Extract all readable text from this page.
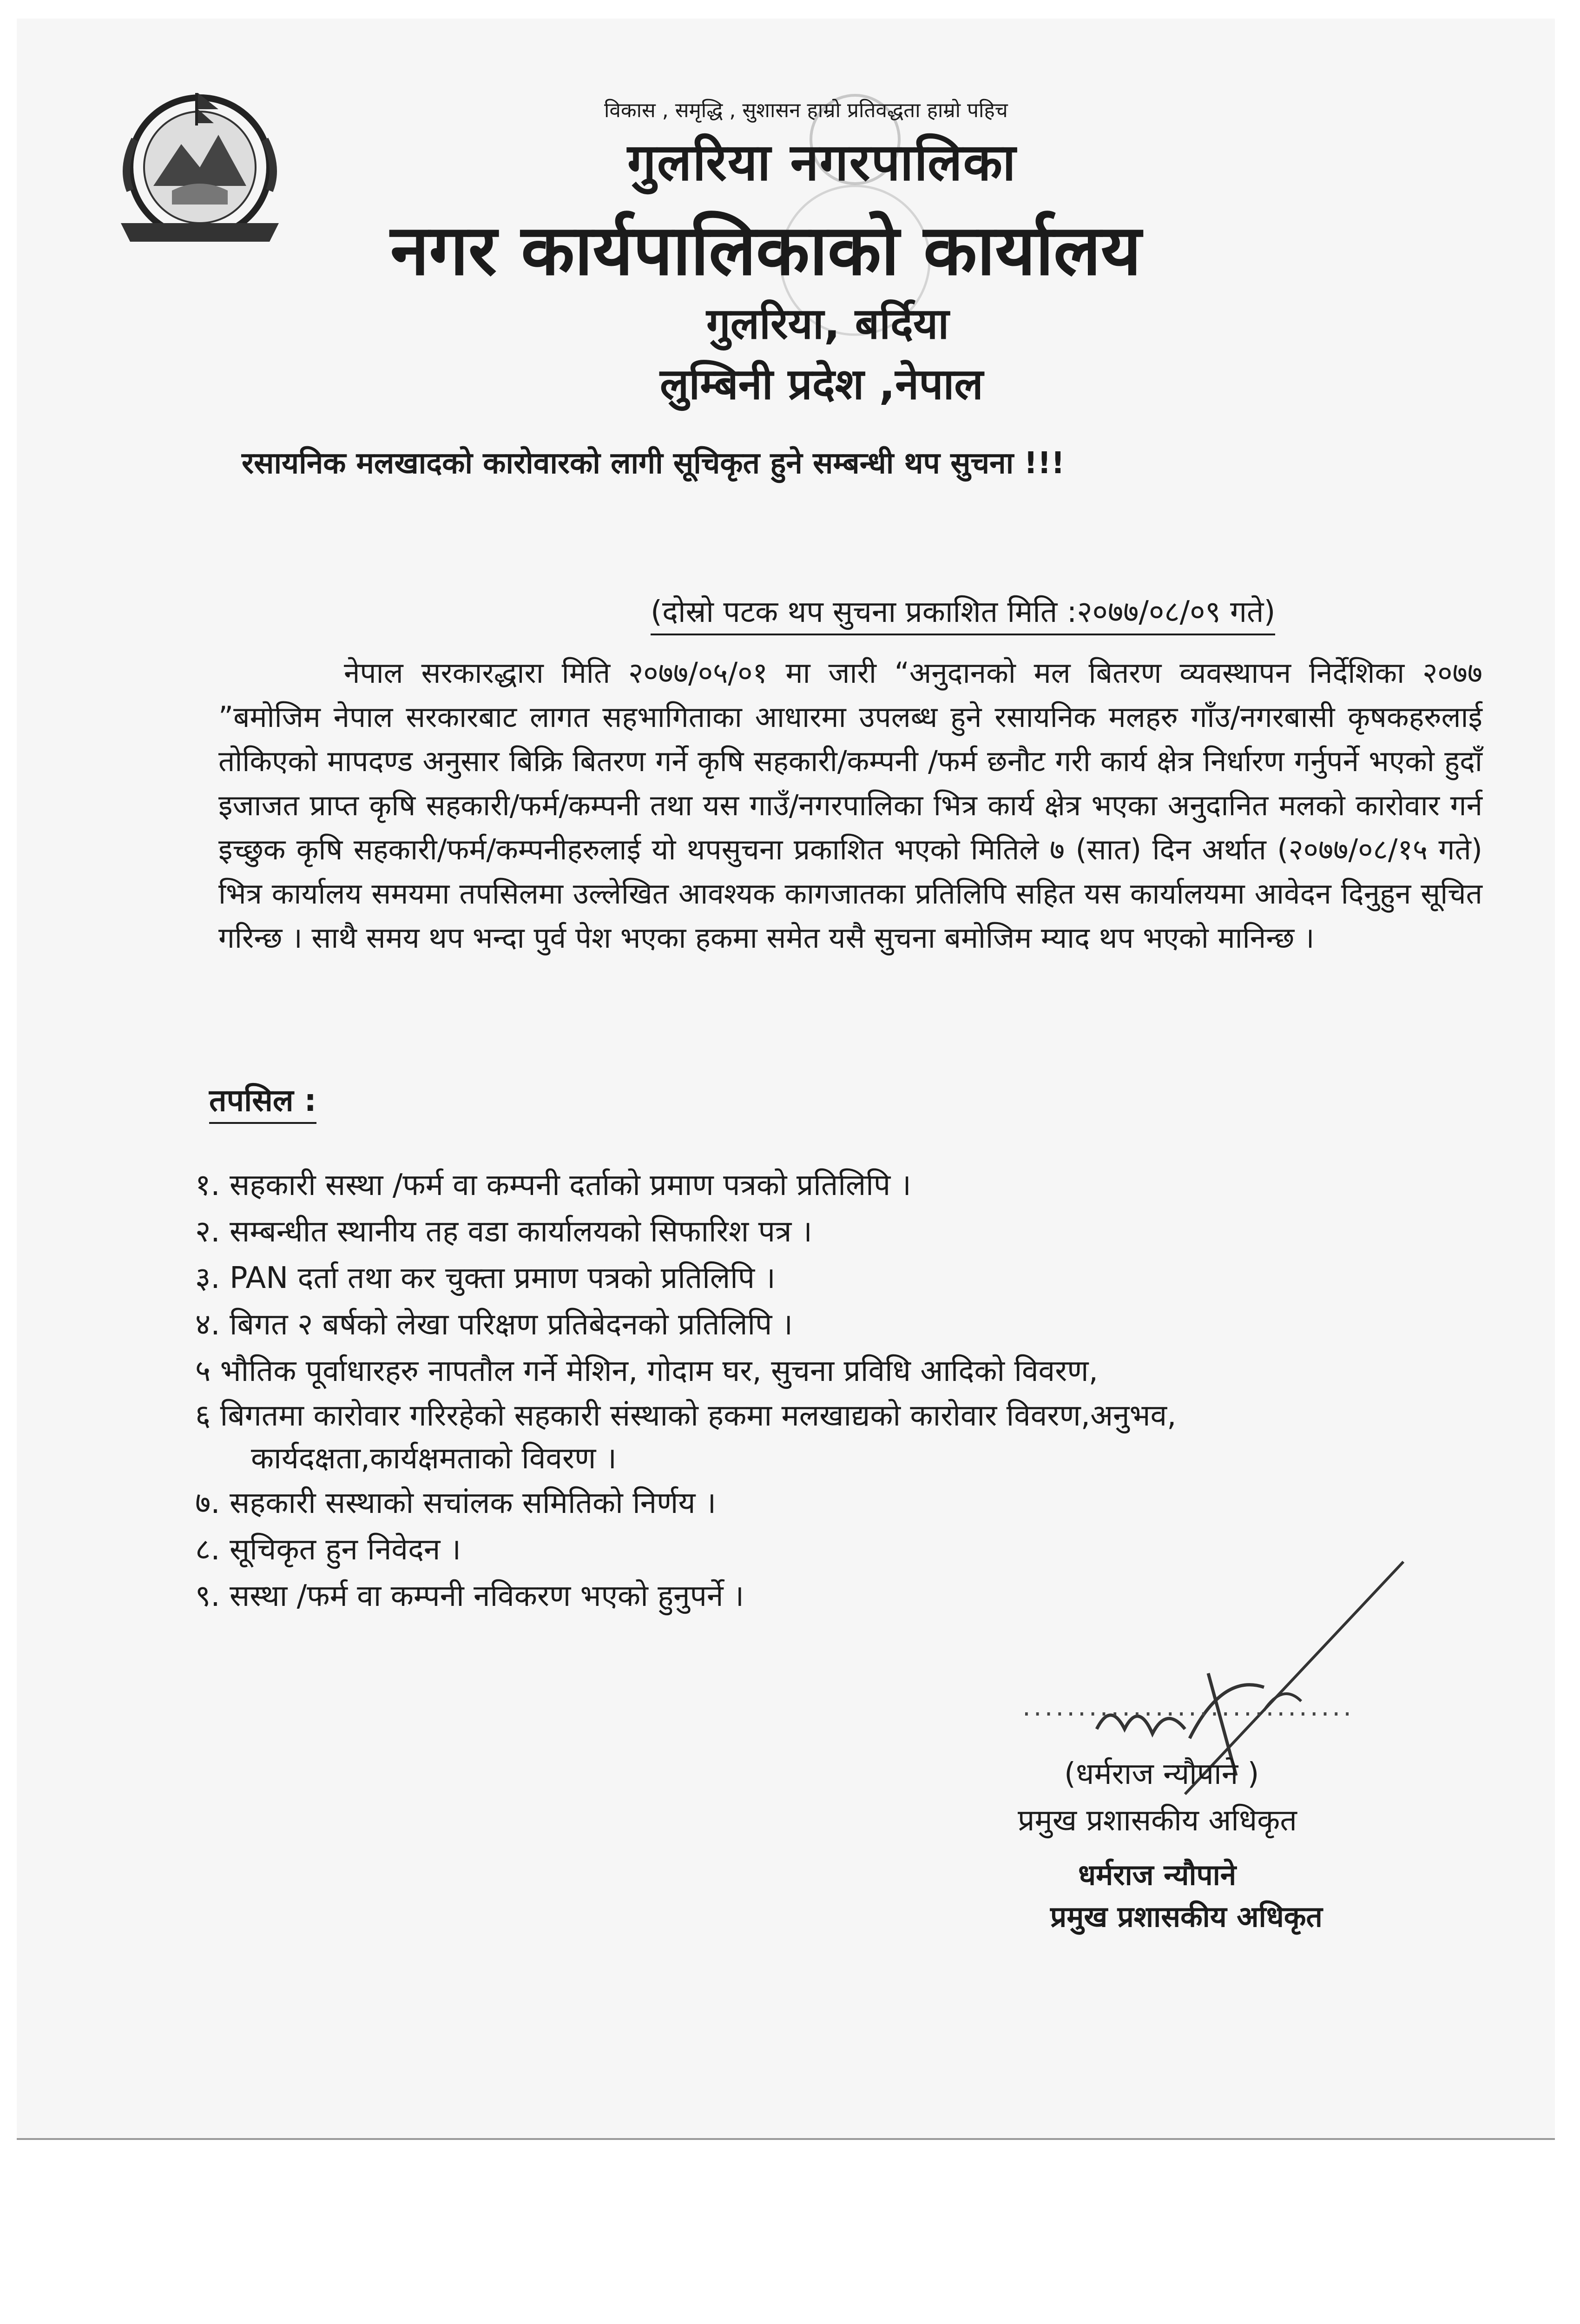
विकास , समृद्धि , सुशासन हाम्रो प्रतिवद्धता हाम्रो पहिच
गुलरिया नगरपालिका
नगर कार्यपालिकाको कार्यालय
गुलरिया, बर्दिया
लुम्बिनी प्रदेश ,नेपाल
रसायनिक मलखादको कारोवारको लागी सूचिकृत हुने सम्बन्धी थप सुचना !!!
(दोस्रो पटक थप सुचना प्रकाशित मिति :२०७७/०८/०९ गते)
नेपाल सरकारद्धारा मिति २०७७/०५/०१ मा जारी “अनुदानको मल बितरण व्यवस्थापन निर्देशिका २०७७ ”बमोजिम नेपाल सरकारबाट लागत सहभागिताका आधारमा उपलब्ध हुने रसायनिक मलहरु गाँउ/नगरबासी कृषकहरुलाई तोकिएको मापदण्ड अनुसार बिक्रि बितरण गर्ने कृषि सहकारी/कम्पनी /फर्म छनौट गरी कार्य क्षेत्र निर्धारण गर्नुपर्ने भएको हुदाँ इजाजत प्राप्त कृषि सहकारी/फर्म/कम्पनी तथा यस गाउँ/नगरपालिका भित्र कार्य क्षेत्र भएका अनुदानित मलको कारोवार गर्न इच्छुक कृषि सहकारी/फर्म/कम्पनीहरुलाई यो थपसुचना प्रकाशित भएको मितिले ७ (सात) दिन अर्थात (२०७७/०८/१५ गते) भित्र कार्यालय समयमा तपसिलमा उल्लेखित आवश्यक कागजातका प्रतिलिपि सहित यस कार्यालयमा आवेदन दिनुहुन सूचित गरिन्छ । साथै समय थप भन्दा पुर्व पेश भएका हकमा समेत यसै सुचना बमोजिम म्याद थप भएको मानिन्छ ।
तपसिल :
१. सहकारी सस्था /फर्म वा कम्पनी दर्ताको प्रमाण पत्रको प्रतिलिपि ।
२. सम्बन्धीत स्थानीय तह वडा कार्यालयको सिफारिश पत्र ।
३. PAN दर्ता तथा कर चुक्ता प्रमाण पत्रको प्रतिलिपि ।
४. बिगत २ बर्षको लेखा परिक्षण प्रतिबेदनको प्रतिलिपि ।
५ भौतिक पूर्वाधारहरु नापतौल गर्ने मेशिन, गोदाम घर, सुचना प्रविधि आदिको विवरण,
६ बिगतमा कारोवार गरिरहेको सहकारी संस्थाको हकमा मलखाद्यको कारोवार विवरण,अनुभव,
कार्यदक्षता,कार्यक्षमताको विवरण ।
७. सहकारी सस्थाको सचांलक समितिको निर्णय ।
८. सूचिकृत हुन निवेदन ।
९. सस्था /फर्म वा कम्पनी नविकरण भएको हुनुपर्ने ।
..............................
(धर्मराज न्यौपाने )
प्रमुख प्रशासकीय अधिकृत
धर्मराज न्यौपाने
प्रमुख प्रशासकीय अधिकृत
